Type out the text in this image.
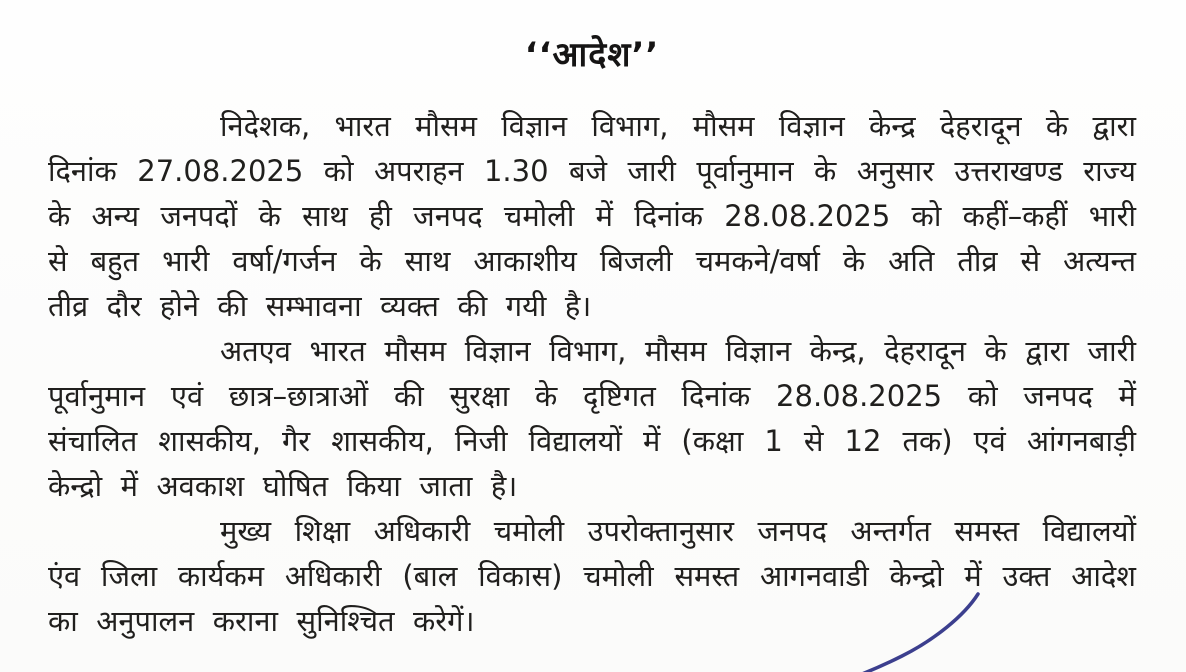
‘‘आदेश’’

निदेशक, भारत मौसम विज्ञान विभाग, मौसम विज्ञान केन्द्र देहरादून के द्वारा दिनांक 27.08.2025 को अपराहन 1.30 बजे जारी पूर्वानुमान के अनुसार उत्तराखण्ड राज्य के अन्य जनपदों के साथ ही जनपद चमोली में दिनांक 28.08.2025 को कहीं–कहीं भारी से बहुत भारी वर्षा/गर्जन के साथ आकाशीय बिजली चमकने/वर्षा के अति तीव्र से अत्यन्त तीव्र दौर होने की सम्भावना व्यक्त की गयी है।

अतएव भारत मौसम विज्ञान विभाग, मौसम विज्ञान केन्द्र, देहरादून के द्वारा जारी पूर्वानुमान एवं छात्र–छात्राओं की सुरक्षा के दृष्टिगत दिनांक 28.08.2025 को जनपद में संचालित शासकीय, गैर शासकीय, निजी विद्यालयों में (कक्षा 1 से 12 तक) एवं आंगनबाड़ी केन्द्रो में अवकाश घोषित किया जाता है।

मुख्य शिक्षा अधिकारी चमोली उपरोक्तानुसार जनपद अन्तर्गत समस्त विद्यालयों एंव जिला कार्यकम अधिकारी (बाल विकास) चमोली समस्त आगनवाडी केन्द्रो में उक्त आदेश का अनुपालन कराना सुनिश्चित करेगें।
